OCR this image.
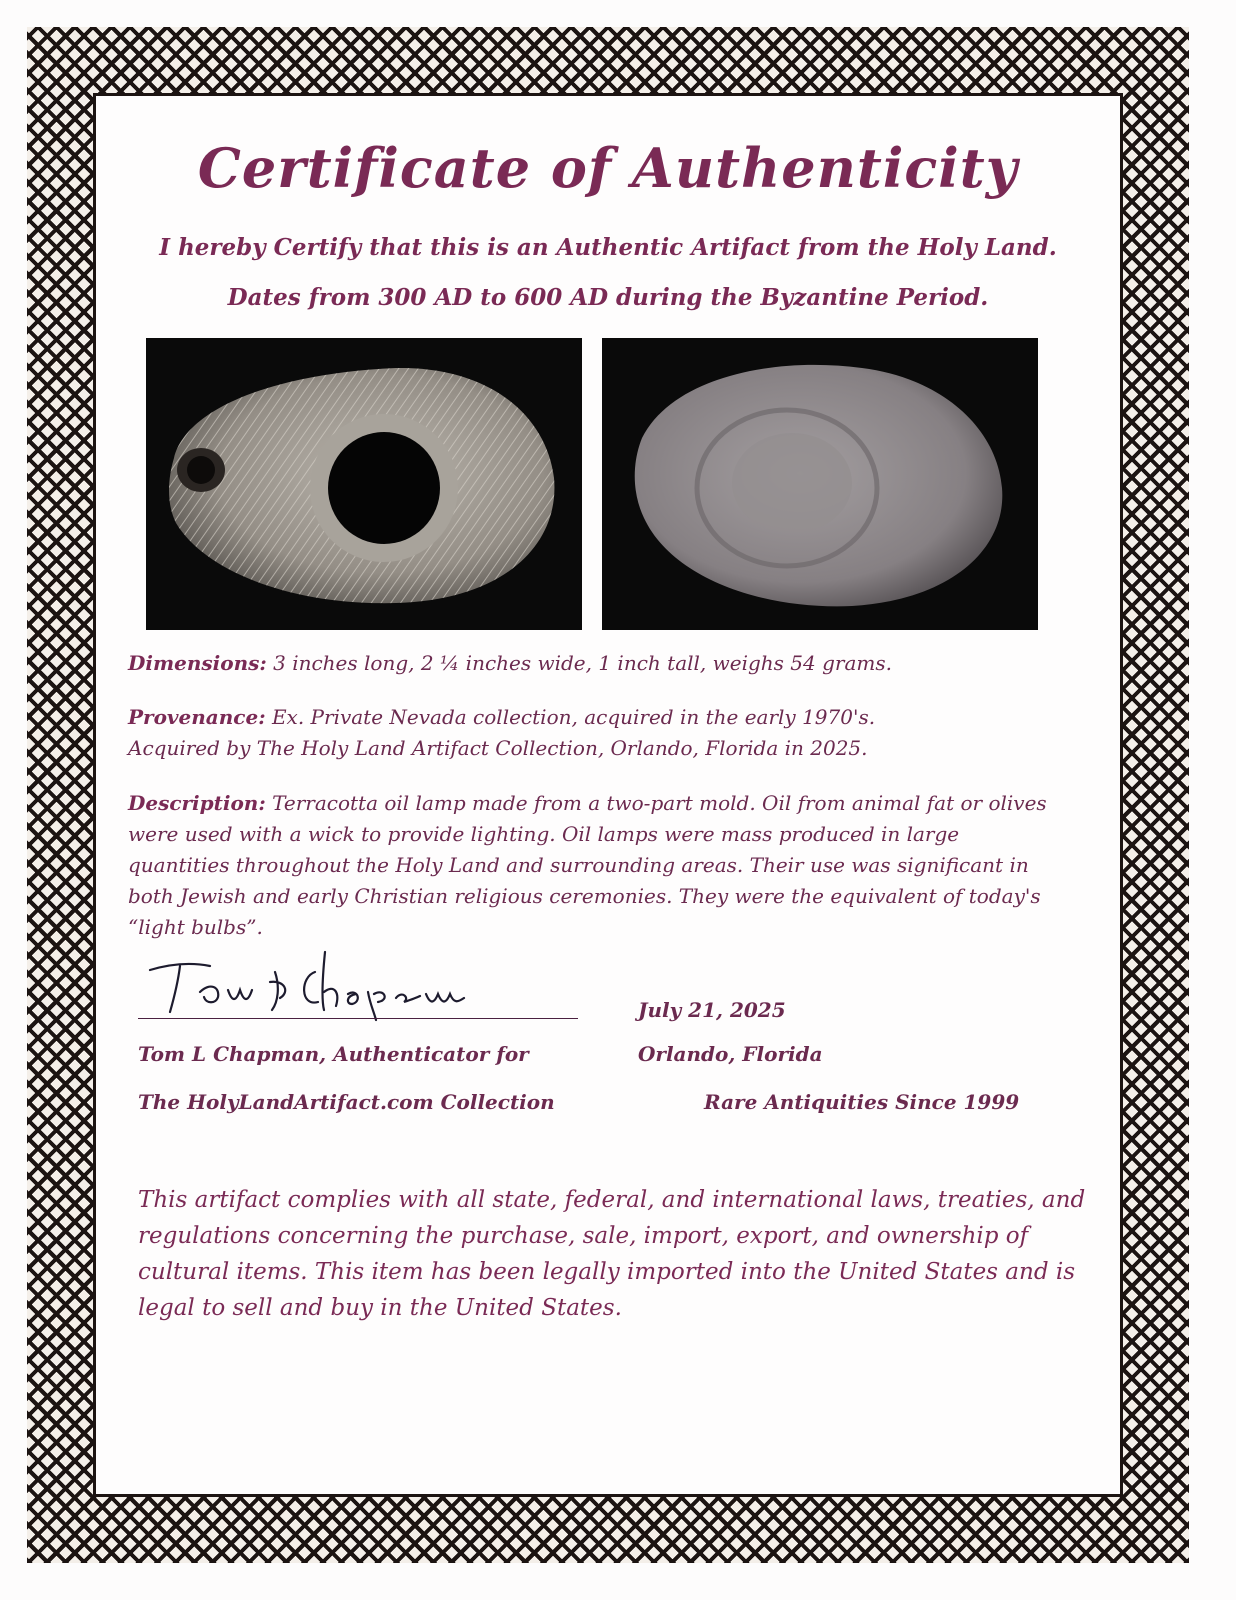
Certificate of Authenticity
I hereby Certify that this is an Authentic Artifact from the Holy Land.
Dates from 300 AD to 600 AD during the Byzantine Period.
Dimensions: 3 inches long, 2 ¼ inches wide, 1 inch tall, weighs 54 grams.
Provenance: Ex. Private Nevada collection, acquired in the early 1970's.
Acquired by The Holy Land Artifact Collection, Orlando, Florida in 2025.
Description: Terracotta oil lamp made from a two-part mold. Oil from animal fat or olives were used with a wick to provide lighting. Oil lamps were mass produced in large quantities throughout the Holy Land and surrounding areas. Their use was significant in both Jewish and early Christian religious ceremonies. They were the equivalent of today's “light bulbs”.
Tom L Chapman, Authenticator for
The HolyLandArtifact.com Collection
July 21, 2025
Orlando, Florida
Rare Antiquities Since 1999
This artifact complies with all state, federal, and international laws, treaties, and regulations concerning the purchase, sale, import, export, and ownership of cultural items. This item has been legally imported into the United States and is legal to sell and buy in the United States.
